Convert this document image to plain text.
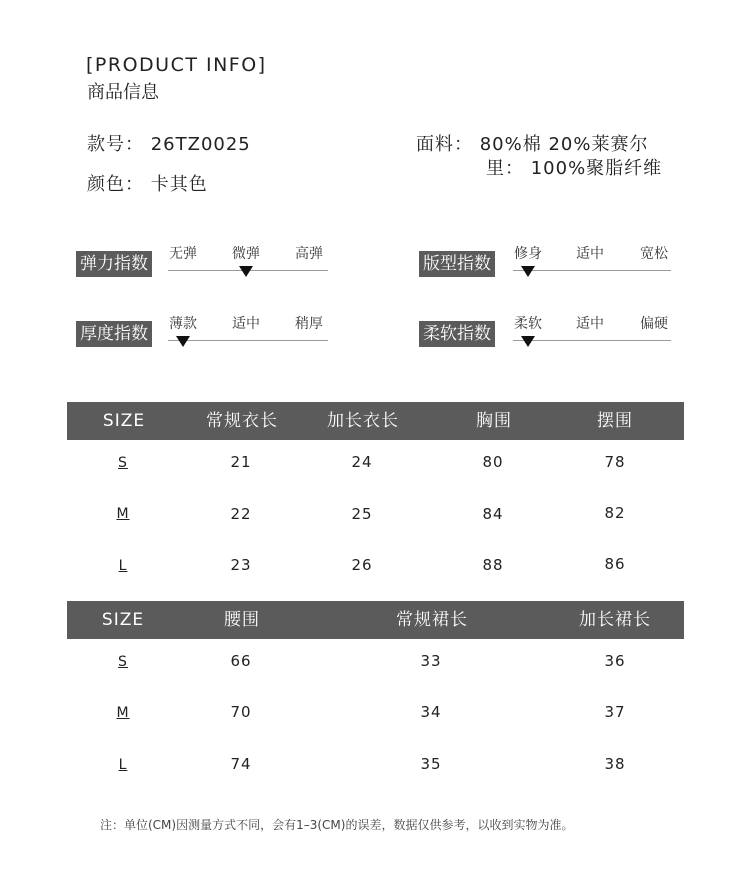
[PRODUCT INFO]
商品信息
款号： 26TZ0025
颜色： 卡其色
面料： 80%棉 20%莱赛尔
里： 100%聚脂纤维
弹力指数 无弹	微弹	高弹	版型指数 修身 适中	宽松
厚度指数 薄款	适中	稍厚	柔软指数 柔软 适中	偏硬
SIZE	常规衣长	加长衣长	胸围	摆围
S	21	24	80	78
M	22	25	84	82
L	23	26	88	86
SIZE	腰围	常规裙长	加长裙长
S	66	33	36
M	70	34	37
L	74	35	38
注：单位(CM)因测量方式不同，会有1–3(CM)的误差，数据仅供参考，以收到实物为准。
